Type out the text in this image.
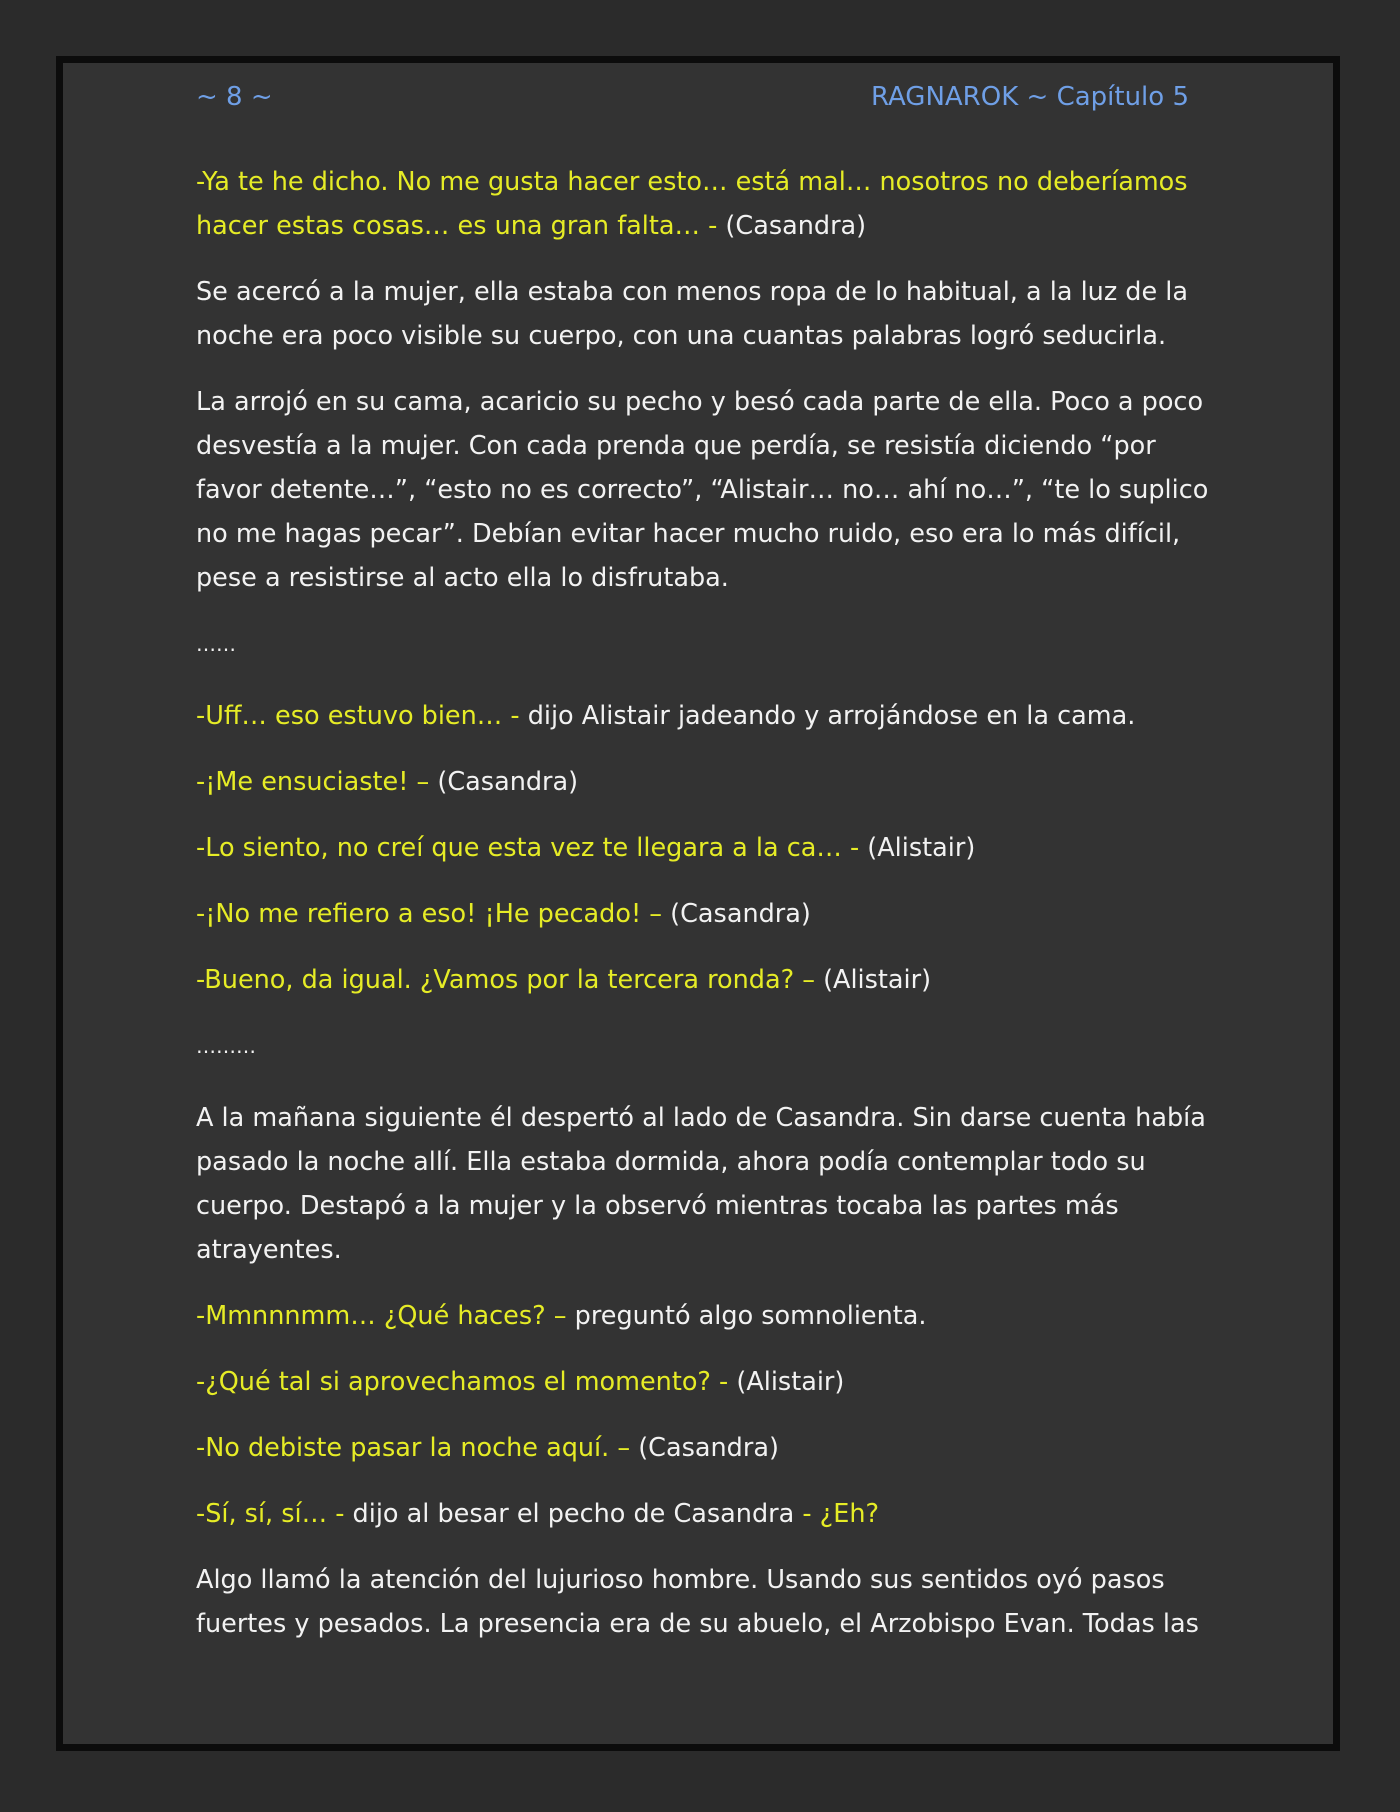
~ 8 ~	RAGNAROK ~ Capítulo 5

-Ya te he dicho. No me gusta hacer esto… está mal… nosotros no deberíamos
hacer estas cosas… es una gran falta… - (Casandra)

Se acercó a la mujer, ella estaba con menos ropa de lo habitual, a la luz de la
noche era poco visible su cuerpo, con una cuantas palabras logró seducirla.

La arrojó en su cama, acaricio su pecho y besó cada parte de ella. Poco a poco
desvestía a la mujer. Con cada prenda que perdía, se resistía diciendo “por
favor detente…”, “esto no es correcto”, “Alistair… no… ahí no…”, “te lo suplico
no me hagas pecar”. Debían evitar hacer mucho ruido, eso era lo más difícil,
pese a resistirse al acto ella lo disfrutaba.

……

-Uff… eso estuvo bien… - dijo Alistair jadeando y arrojándose en la cama.

-¡Me ensuciaste! – (Casandra)

-Lo siento, no creí que esta vez te llegara a la ca… - (Alistair)

-¡No me refiero a eso! ¡He pecado! – (Casandra)

-Bueno, da igual. ¿Vamos por la tercera ronda? – (Alistair)

………

A la mañana siguiente él despertó al lado de Casandra. Sin darse cuenta había
pasado la noche allí. Ella estaba dormida, ahora podía contemplar todo su
cuerpo. Destapó a la mujer y la observó mientras tocaba las partes más
atrayentes.

-Mmnnnmm… ¿Qué haces? – preguntó algo somnolienta.

-¿Qué tal si aprovechamos el momento? - (Alistair)

-No debiste pasar la noche aquí. – (Casandra)

-Sí, sí, sí… - dijo al besar el pecho de Casandra - ¿Eh?

Algo llamó la atención del lujurioso hombre. Usando sus sentidos oyó pasos
fuertes y pesados. La presencia era de su abuelo, el Arzobispo Evan. Todas las
